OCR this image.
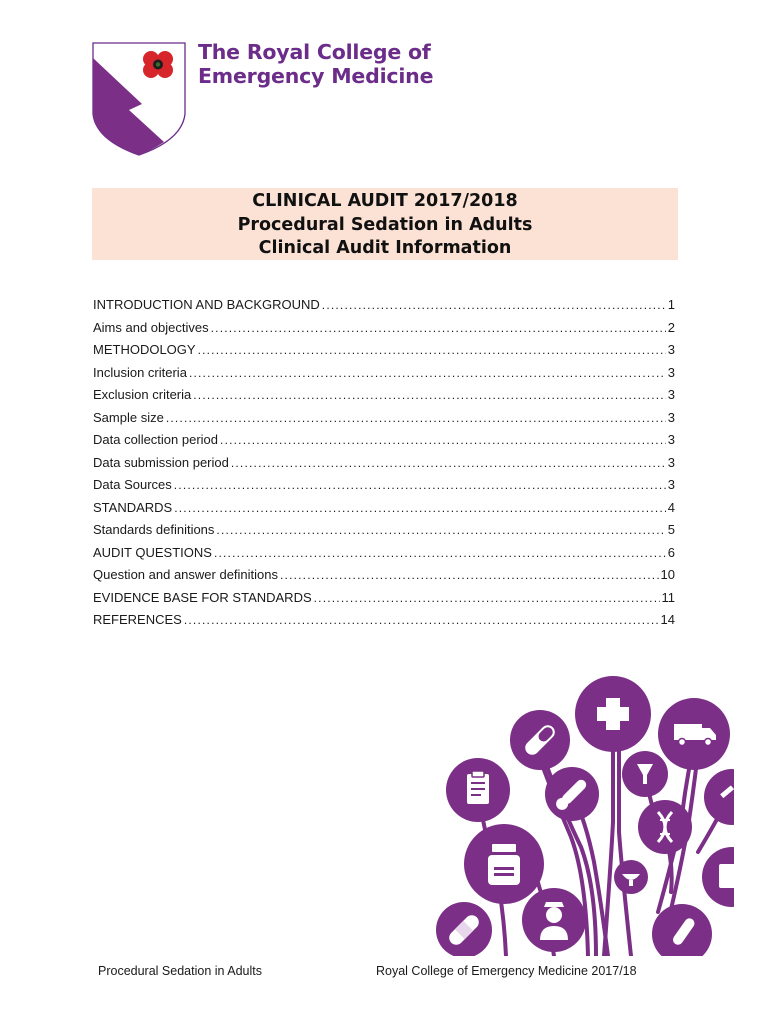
The Royal College of
Emergency Medicine
CLINICAL AUDIT 2017/2018
Procedural Sedation in Adults
Clinical Audit Information
INTRODUCTION AND BACKGROUND .....	1
Aims and objectives .....	2
METHODOLOGY .....	3
Inclusion criteria .....	3
Exclusion criteria .....	3
Sample size .....	3
Data collection period .....	3
Data submission period .....	3
Data Sources .....	3
STANDARDS .....	4
Standards definitions .....	5
AUDIT QUESTIONS .....	6
Question and answer definitions .....	10
EVIDENCE BASE FOR STANDARDS .....	11
REFERENCES .....	14
Procedural Sedation in Adults	Royal College of Emergency Medicine 2017/18
